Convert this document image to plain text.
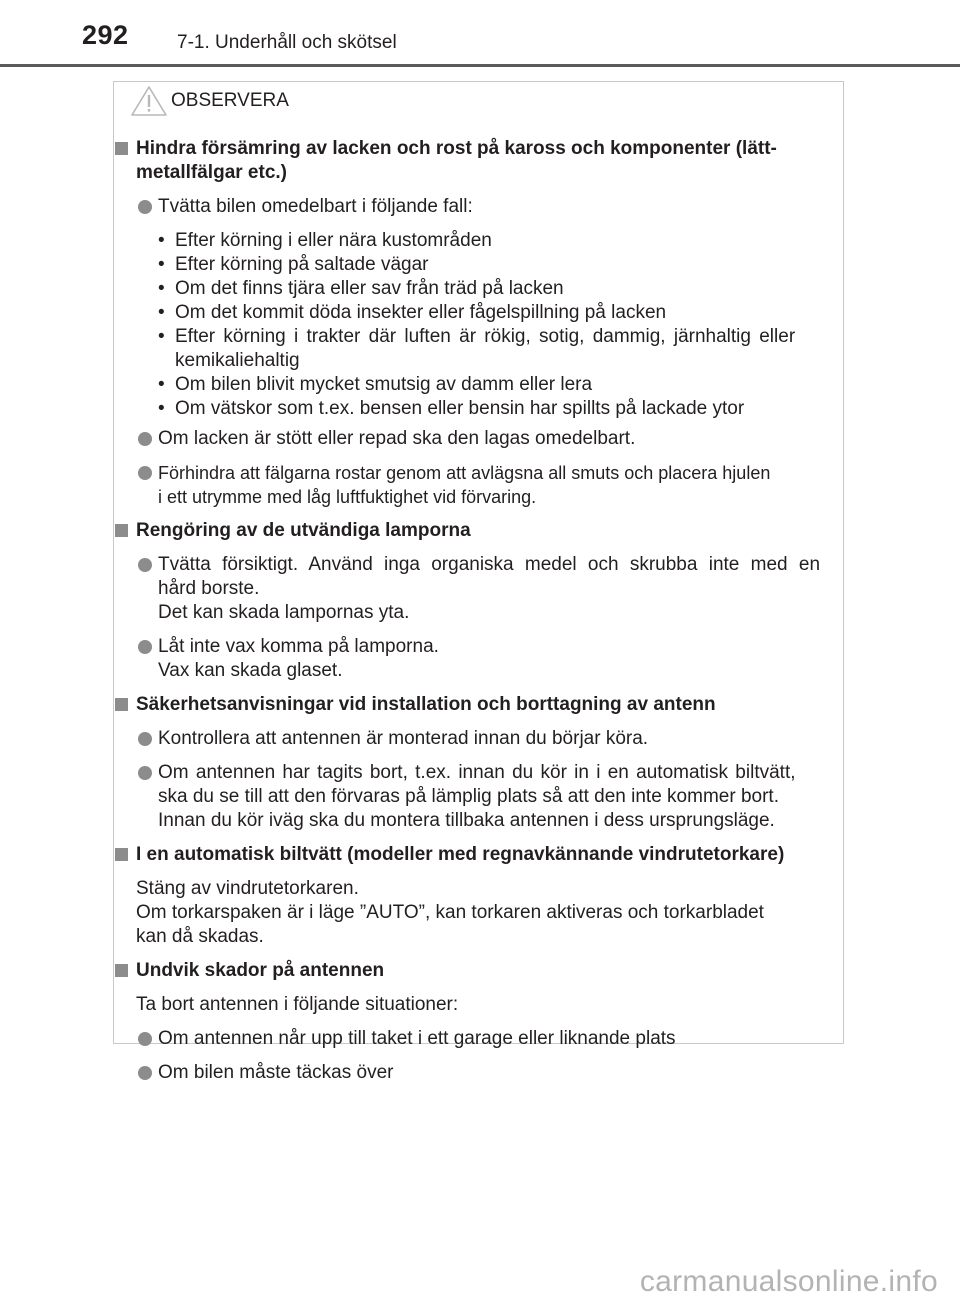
292	7-1. Underhåll och skötsel
OBSERVERA
Hindra försämring av lacken och rost på kaross och komponenter (lätt-
metallfälgar etc.)
Tvätta bilen omedelbart i följande fall:
• Efter körning i eller nära kustområden
• Efter körning på saltade vägar
• Om det finns tjära eller sav från träd på lacken
• Om det kommit döda insekter eller fågelspillning på lacken
• Efter körning i trakter där luften är rökig, sotig, dammig, järnhaltig eller
kemikaliehaltig
• Om bilen blivit mycket smutsig av damm eller lera
• Om vätskor som t.ex. bensen eller bensin har spillts på lackade ytor
Om lacken är stött eller repad ska den lagas omedelbart.
Förhindra att fälgarna rostar genom att avlägsna all smuts och placera hjulen
i ett utrymme med låg luftfuktighet vid förvaring.
Rengöring av de utvändiga lamporna
Tvätta försiktigt. Använd inga organiska medel och skrubba inte med en
hård borste.
Det kan skada lampornas yta.
Låt inte vax komma på lamporna.
Vax kan skada glaset.
Säkerhetsanvisningar vid installation och borttagning av antenn
Kontrollera att antennen är monterad innan du börjar köra.
Om antennen har tagits bort, t.ex. innan du kör in i en automatisk biltvätt,
ska du se till att den förvaras på lämplig plats så att den inte kommer bort.
Innan du kör iväg ska du montera tillbaka antennen i dess ursprungsläge.
I en automatisk biltvätt (modeller med regnavkännande vindrutetorkare)
Stäng av vindrutetorkaren.
Om torkarspaken är i läge ”AUTO”, kan torkaren aktiveras och torkarbladet
kan då skadas.
Undvik skador på antennen
Ta bort antennen i följande situationer:
Om antennen når upp till taket i ett garage eller liknande plats
Om bilen måste täckas över
carmanualsonline.info
